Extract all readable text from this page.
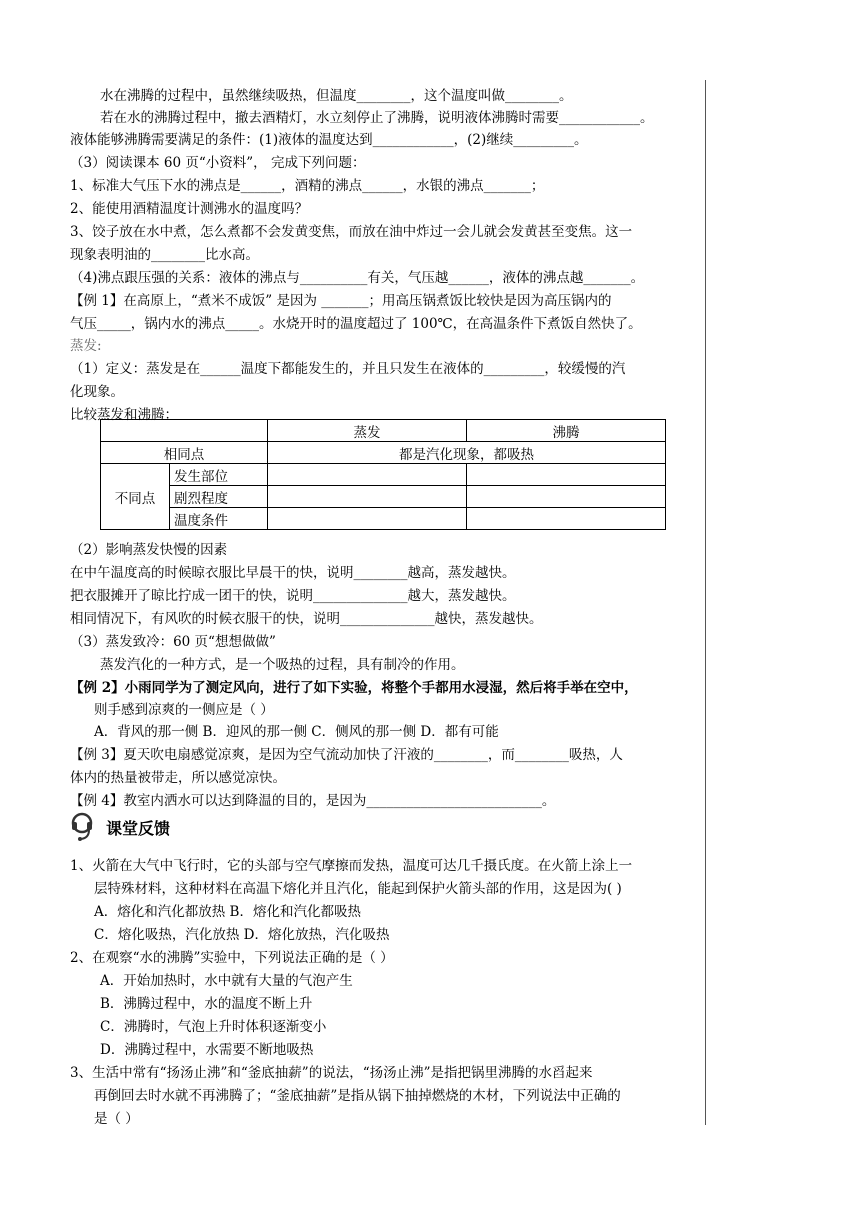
水在沸腾的过程中，虽然继续吸热，但温度________，这个温度叫做________。
若在水的沸腾过程中，撤去酒精灯，水立刻停止了沸腾，说明液体沸腾时需要____________。
液体能够沸腾需要满足的条件：(1)液体的温度达到____________，(2)继续_________。
（3）阅读课本 60 页“小资料”， 完成下列问题：
1、标准大气压下水的沸点是______，酒精的沸点______，水银的沸点_______；
2、能使用酒精温度计测沸水的温度吗？
3、饺子放在水中煮，怎么煮都不会发黄变焦，而放在油中炸过一会儿就会发黄甚至变焦。这一
现象表明油的________比水高。
（4)沸点跟压强的关系：液体的沸点与__________有关，气压越______，液体的沸点越_______。
【例 1】在高原上，“煮米不成饭” 是因为 _______；用高压锅煮饭比较快是因为高压锅内的
气压_____，锅内水的沸点_____。水烧开时的温度超过了 100℃，在高温条件下煮饭自然快了。
蒸发:
（1）定义：蒸发是在______温度下都能发生的，并且只发生在液体的_________，较缓慢的汽
化现象。
比较蒸发和沸腾：
		蒸发	沸腾
相同点		都是汽化现象，都吸热	
不同点	发生部位		
	剧烈程度		
	温度条件		
（2）影响蒸发快慢的因素
在中午温度高的时候晾衣服比早晨干的快，说明________越高，蒸发越快。
把衣服摊开了晾比拧成一团干的快，说明______________越大，蒸发越快。
相同情况下，有风吹的时候衣服干的快，说明______________越快，蒸发越快。
（3）蒸发致冷：60 页“想想做做”
蒸发汽化的一种方式，是一个吸热的过程，具有制冷的作用。
【例 2】小雨同学为了测定风向，进行了如下实验，将整个手都用水浸湿，然后将手举在空中，
则手感到凉爽的一侧应是（ ）
A．背风的那一侧 B．迎风的那一侧 C．侧风的那一侧 D．都有可能
【例 3】夏天吹电扇感觉凉爽，是因为空气流动加快了汗液的________，而________吸热，人
体内的热量被带走，所以感觉凉快。
【例 4】教室内洒水可以达到降温的目的，是因为__________________________。
课堂反馈
1、火箭在大气中飞行时，它的头部与空气摩擦而发热，温度可达几千摄氏度。在火箭上涂上一
层特殊材料，这种材料在高温下熔化并且汽化，能起到保护火箭头部的作用，这是因为( )
A．熔化和汽化都放热 B．熔化和汽化都吸热
C．熔化吸热，汽化放热 D．熔化放热，汽化吸热
2、在观察“水的沸腾”实验中，下列说法正确的是（ ）
A．开始加热时，水中就有大量的气泡产生
B．沸腾过程中，水的温度不断上升
C．沸腾时，气泡上升时体积逐渐变小
D．沸腾过程中，水需要不断地吸热
3、生活中常有“扬汤止沸”和“釜底抽薪”的说法，“扬汤止沸”是指把锅里沸腾的水舀起来
再倒回去时水就不再沸腾了；“釜底抽薪”是指从锅下抽掉燃烧的木材，下列说法中正确的
是（ ）
